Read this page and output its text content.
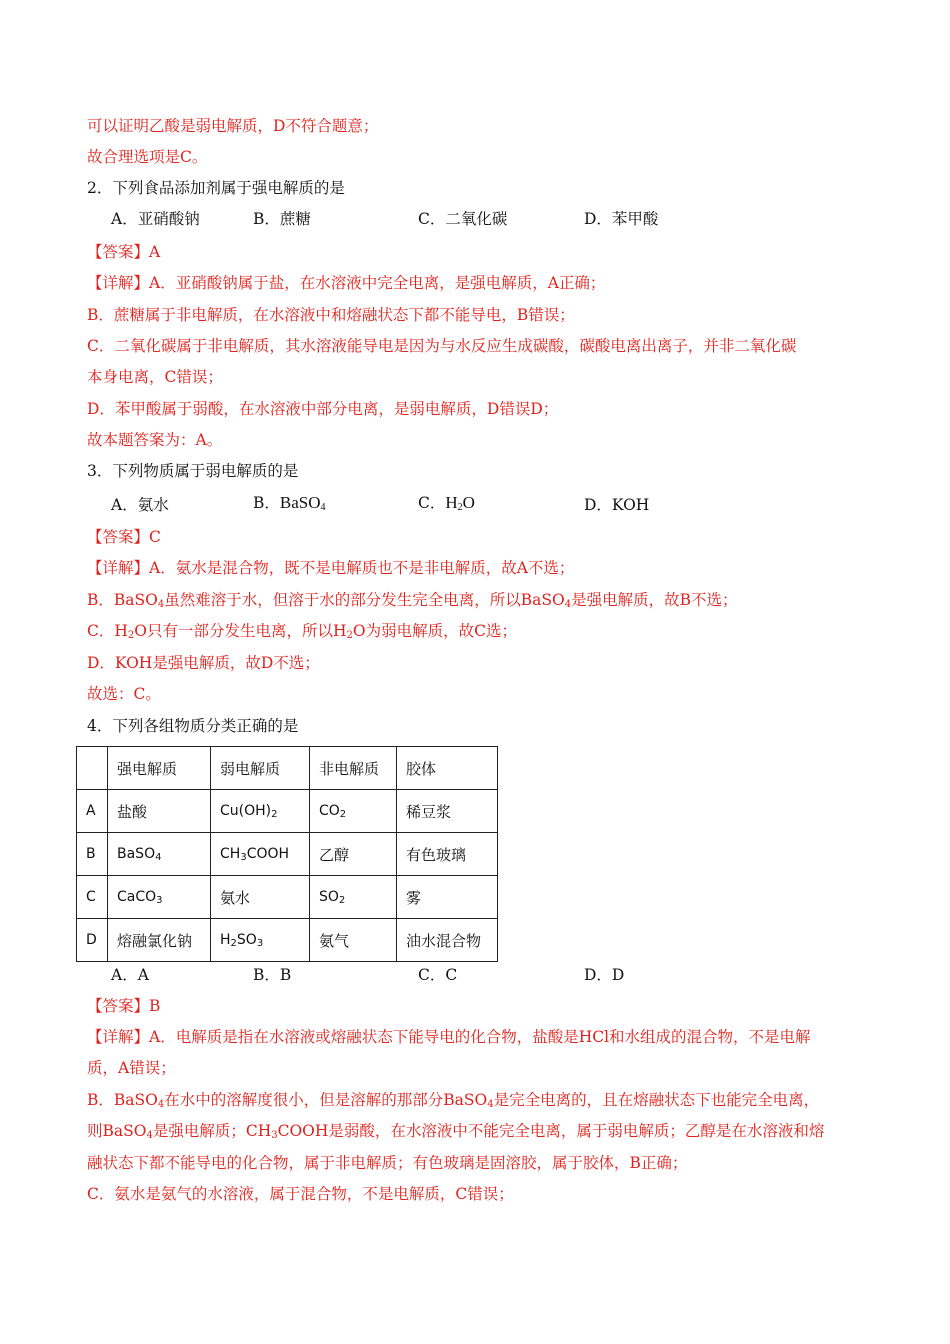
可以证明乙酸是弱电解质，D不符合题意；
故合理选项是C。
2．下列食品添加剂属于强电解质的是
A．亚硝酸钠	B．蔗糖	C．二氧化碳	D．苯甲酸
【答案】A
【详解】A．亚硝酸钠属于盐，在水溶液中完全电离，是强电解质，A正确；
B．蔗糖属于非电解质，在水溶液中和熔融状态下都不能导电，B错误；
C．二氧化碳属于非电解质，其水溶液能导电是因为与水反应生成碳酸，碳酸电离出离子，并非二氧化碳
本身电离，C错误；
D．苯甲酸属于弱酸，在水溶液中部分电离，是弱电解质，D错误D；
故本题答案为：A。
3．下列物质属于弱电解质的是
A．氨水	B．BaSO$_4$	C．$H_2O$	D．KOH
【答案】C
【详解】A．氨水是混合物，既不是电解质也不是非电解质，故A不选；
B．BaSO$_4$虽然难溶于水，但溶于水的部分发生完全电离，所以BaSO$_4$是强电解质，故B不选；
C．$H_2O$只有一部分发生电离，所以$H_2O$为弱电解质，故C选；
D．KOH是强电解质，故D不选；
故选：C。
4．下列各组物质分类正确的是
	强电解质	弱电解质	非电解质	胶体
A	盐酸	$Cu(OH)_2$	$CO_2$	稀豆浆
B	BaSO$_4$	$CH_3COOH$	乙醇	有色玻璃
C	CaCO$_3$	氨水	$SO_2$	雾
D	熔融氯化钠	$H_2SO_3$	氨气	油水混合物
A．A	B．B	C．C	D．D
【答案】B
【详解】A．电解质是指在水溶液或熔融状态下能导电的化合物，盐酸是HCl和水组成的混合物，不是电解
质，A错误；
B．BaSO$_4$在水中的溶解度很小，但是溶解的那部分BaSO$_4$是完全电离的，且在熔融状态下也能完全电离，
则BaSO$_4$是强电解质；$CH_3COOH$是弱酸，在水溶液中不能完全电离，属于弱电解质；乙醇是在水溶液和熔
融状态下都不能导电的化合物，属于非电解质；有色玻璃是固溶胶，属于胶体，B正确；
C．氨水是氨气的水溶液，属于混合物，不是电解质，C错误；
